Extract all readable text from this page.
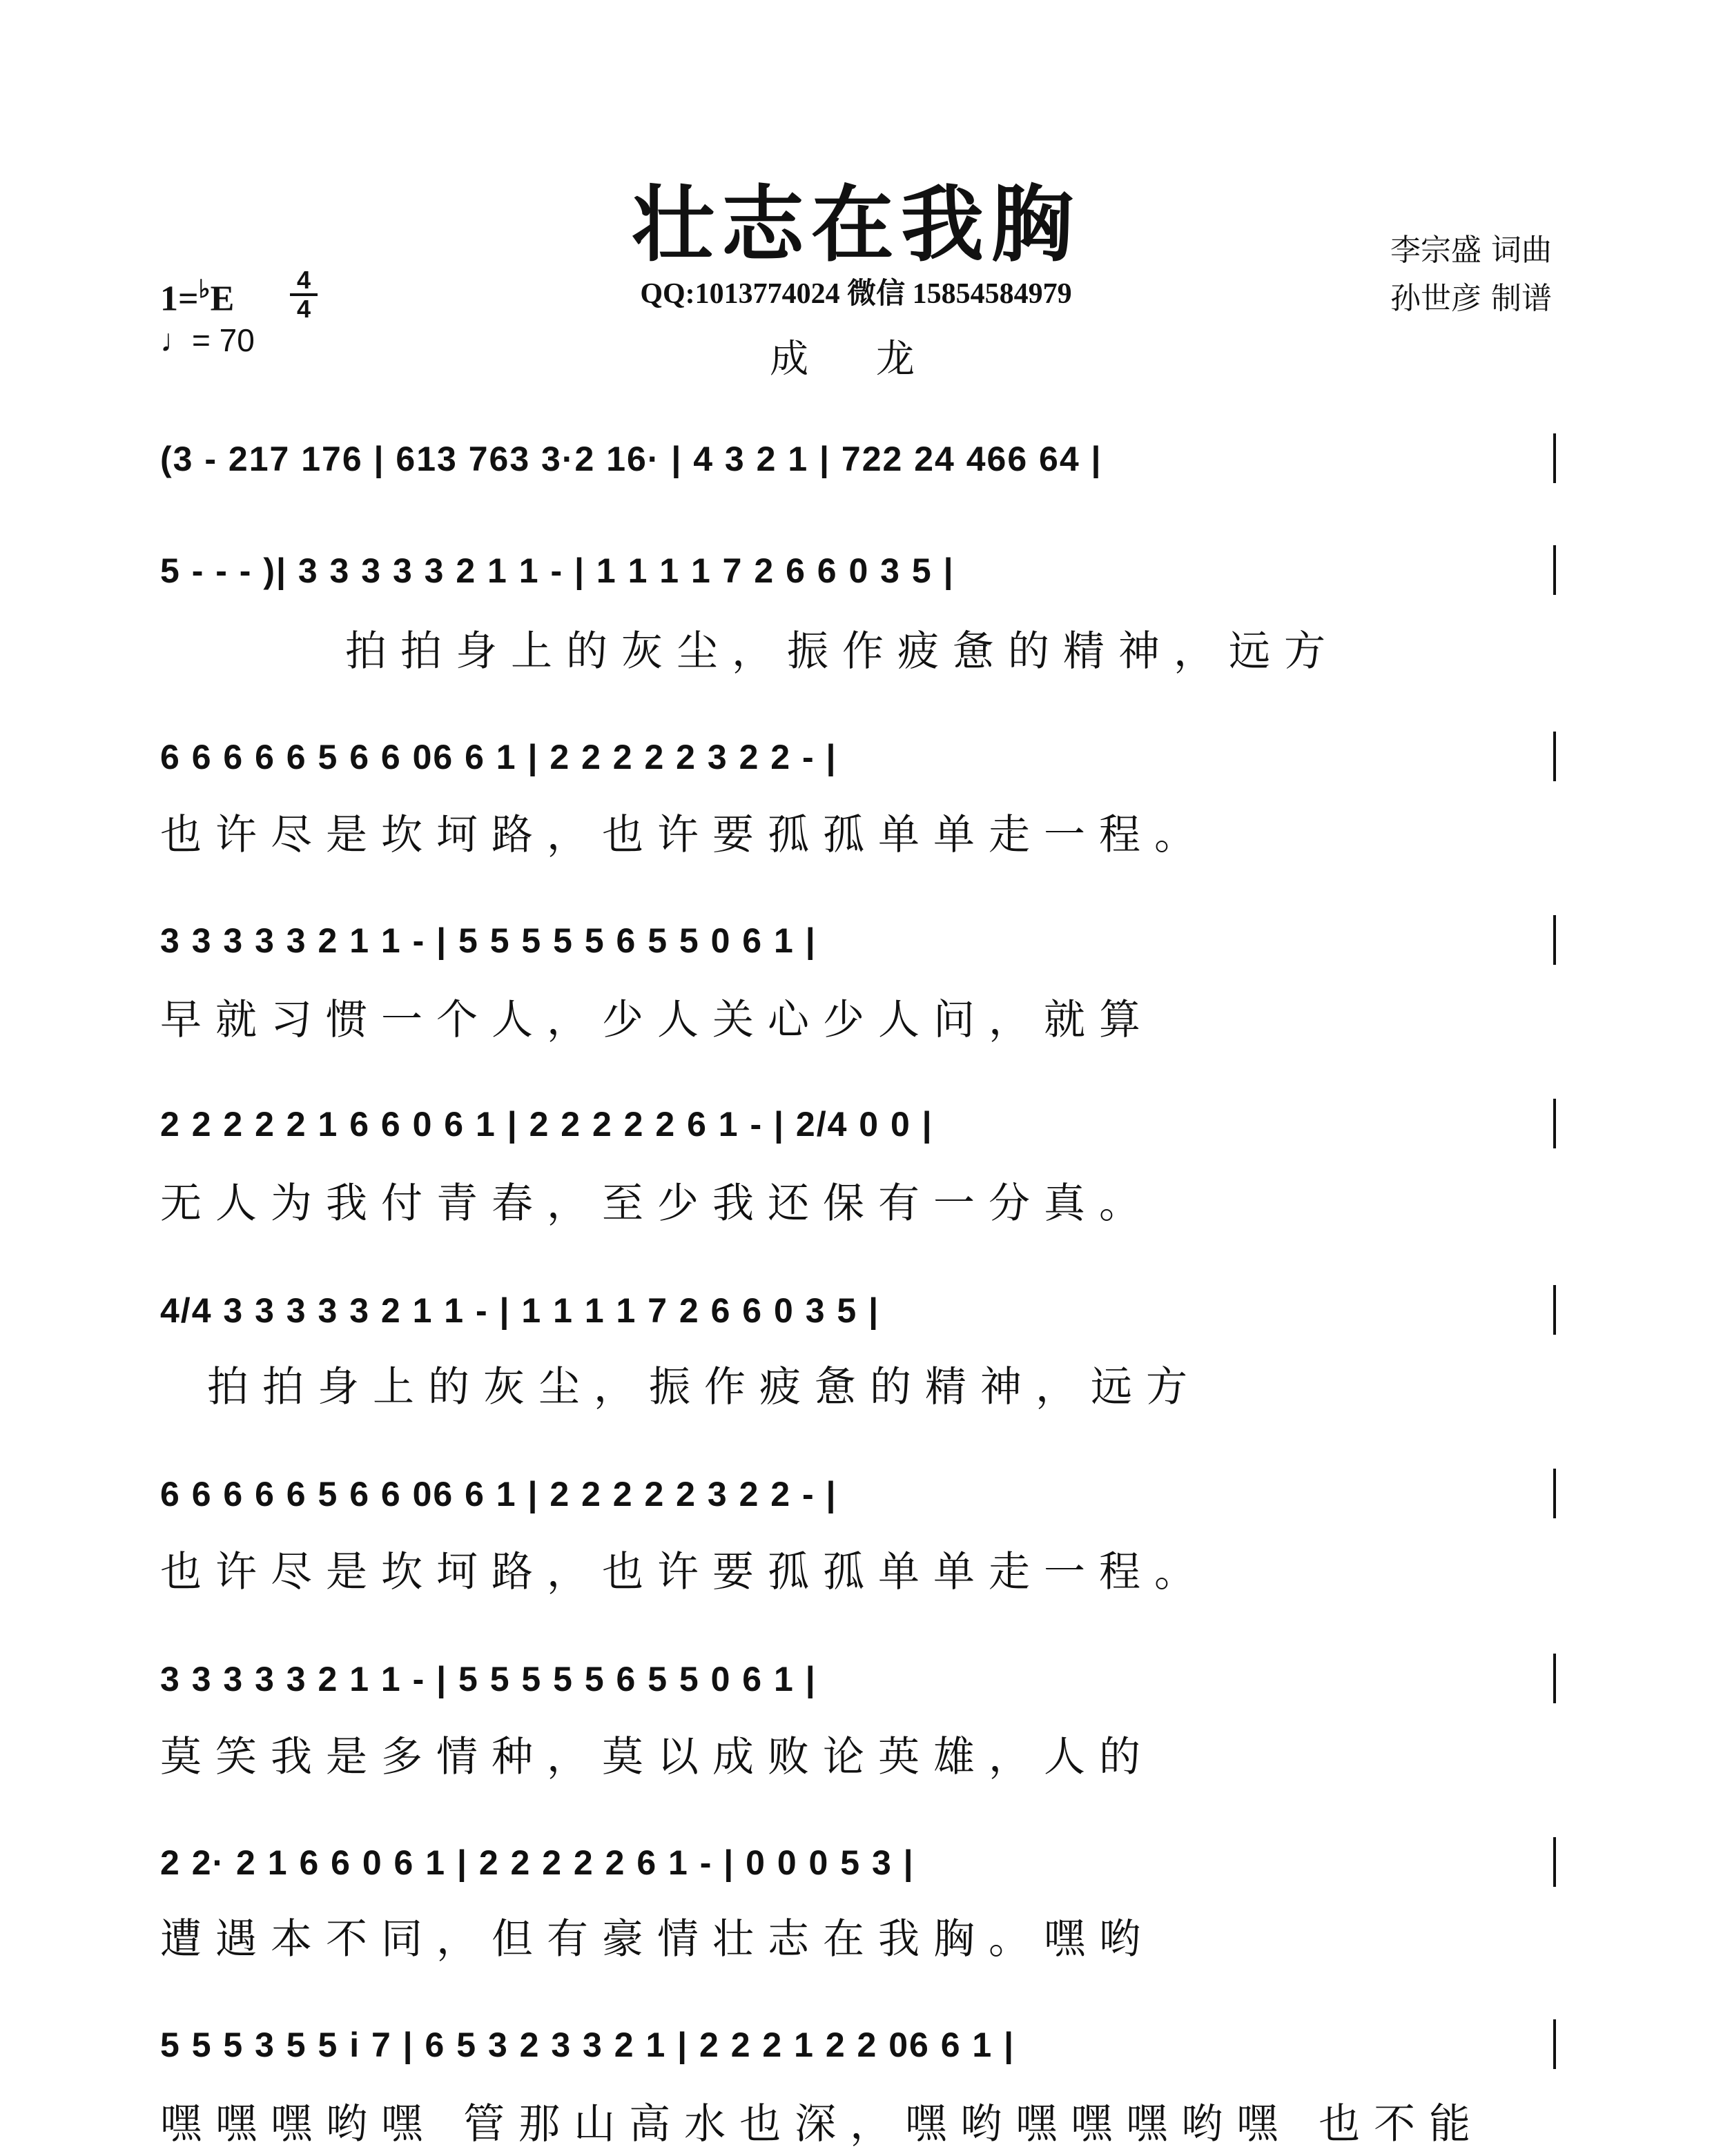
壮志在我胸
QQ:1013774024 微信 15854584979
成 龙
李宗盛 词曲
孙世彦 制谱
1=♭E	4
4
♩= 70
(3 - 217 176 | 613 763 3·2 16· | 4 3 2 1 | 722 24 466 64 |
5 - - - )| 3 3 3 3 3 2 1 1 - | 1 1 1 1 7 2 6 6 0 3 5 |
拍拍身上的灰尘，振作疲惫的精神，远方
6 6 6 6 6 5 6 6 06 6 1 | 2 2 2 2 2 3 2 2 - |
也许尽是坎坷路，也许要孤孤单单走一程。
3 3 3 3 3 2 1 1 - | 5 5 5 5 5 6 5 5 0 6 1 |
早就习惯一个人，少人关心少人问，就算
2 2 2 2 2 1 6 6 0 6 1 | 2 2 2 2 2 6 1 - | 2/4 0 0 |
无人为我付青春，至少我还保有一分真。
4/4 3 3 3 3 3 2 1 1 - | 1 1 1 1 7 2 6 6 0 3 5 |
拍拍身上的灰尘，振作疲惫的精神，远方
6 6 6 6 6 5 6 6 06 6 1 | 2 2 2 2 2 3 2 2 - |
也许尽是坎坷路，也许要孤孤单单走一程。
3 3 3 3 3 2 1 1 - | 5 5 5 5 5 6 5 5 0 6 1 |
莫笑我是多情种，莫以成败论英雄，人的
2 2· 2 1 6 6 0 6 1 | 2 2 2 2 2 6 1 - | 0 0 0 5 3 |
遭遇本不同，但有豪情壮志在我胸。嘿哟
5 5 5 3 5 5 i 7 | 6 5 3 2 3 3 2 1 | 2 2 2 1 2 2 06 6 1 |
嘿嘿嘿哟嘿 管那山高水也深，嘿哟嘿嘿嘿哟嘿 也不能
